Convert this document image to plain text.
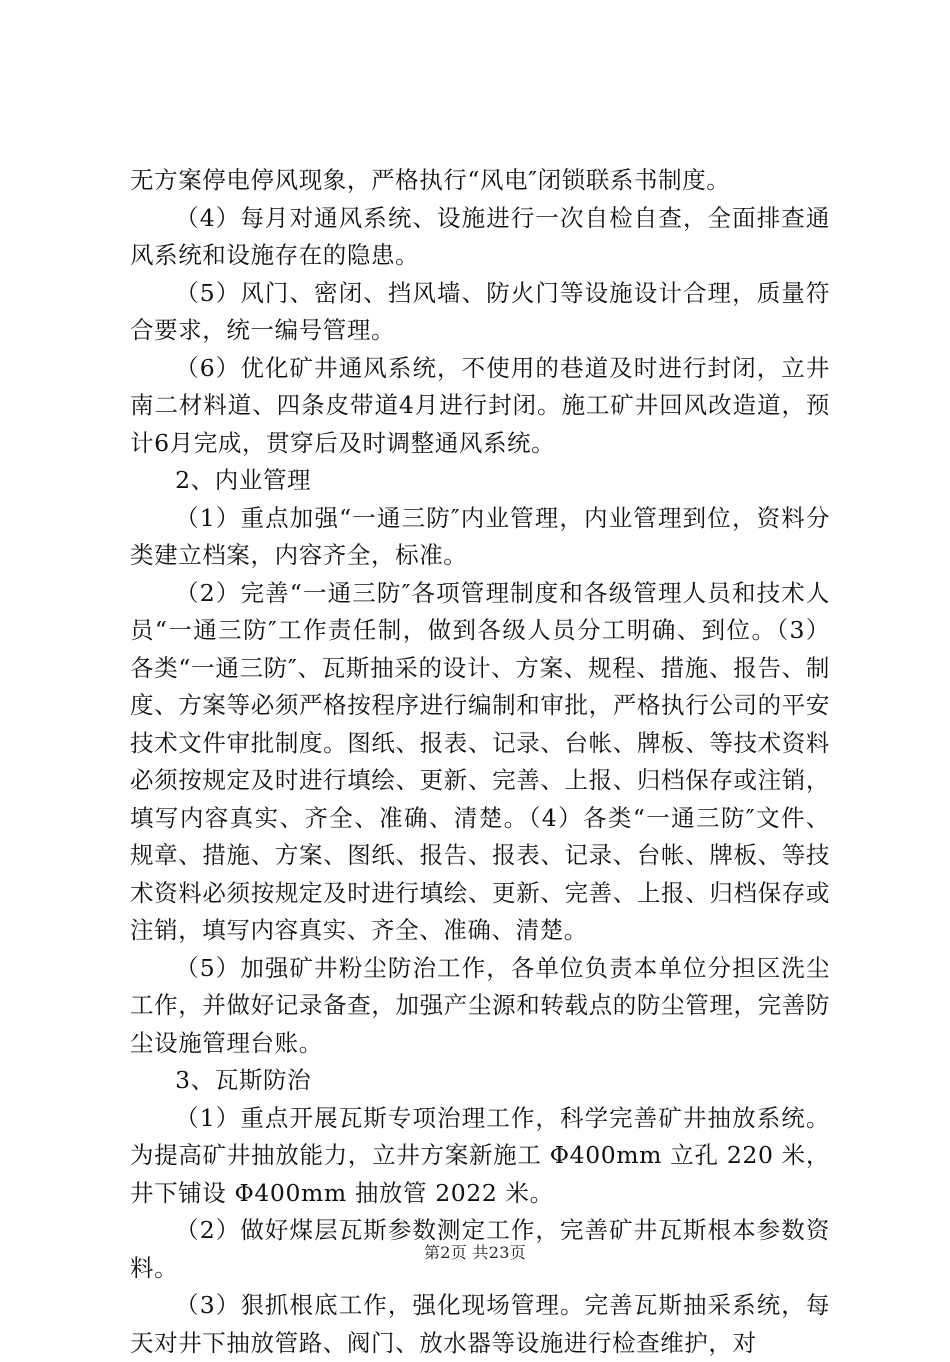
无方案停电停风现象，严格执行“风电″闭锁联系书制度。

（4）每月对通风系统、设施进行一次自检自查，全面排查通风系统和设施存在的隐患。

（5）风门、密闭、挡风墙、防火门等设施设计合理，质量符合要求，统一编号管理。

（6）优化矿井通风系统，不使用的巷道及时进行封闭，立井南二材料道、四条皮带道4月进行封闭。施工矿井回风改造道，预计6月完成，贯穿后及时调整通风系统。

2、内业管理

（1）重点加强“一通三防″内业管理，内业管理到位，资料分类建立档案，内容齐全，标准。

（2）完善“一通三防″各项管理制度和各级管理人员和技术人员“一通三防″工作责任制，做到各级人员分工明确、到位。（3）各类“一通三防″、瓦斯抽采的设计、方案、规程、措施、报告、制度、方案等必须严格按程序进行编制和审批，严格执行公司的平安技术文件审批制度。图纸、报表、记录、台帐、牌板、等技术资料必须按规定及时进行填绘、更新、完善、上报、归档保存或注销，填写内容真实、齐全、准确、清楚。（4）各类“一通三防″文件、规章、措施、方案、图纸、报告、报表、记录、台帐、牌板、等技术资料必须按规定及时进行填绘、更新、完善、上报、归档保存或注销，填写内容真实、齐全、准确、清楚。

（5）加强矿井粉尘防治工作，各单位负责本单位分担区洗尘工作，并做好记录备查，加强产尘源和转载点的防尘管理，完善防尘设施管理台账。

3、瓦斯防治

（1）重点开展瓦斯专项治理工作，科学完善矿井抽放系统。为提高矿井抽放能力，立井方案新施工 Φ400mm 立孔 220 米，井下铺设 Φ400mm 抽放管 2022 米。

（2）做好煤层瓦斯参数测定工作，完善矿井瓦斯根本参数资料。

（3）狠抓根底工作，强化现场管理。完善瓦斯抽采系统，每天对井下抽放管路、阀门、放水器等设施进行检查维护，对

第2页 共23页
